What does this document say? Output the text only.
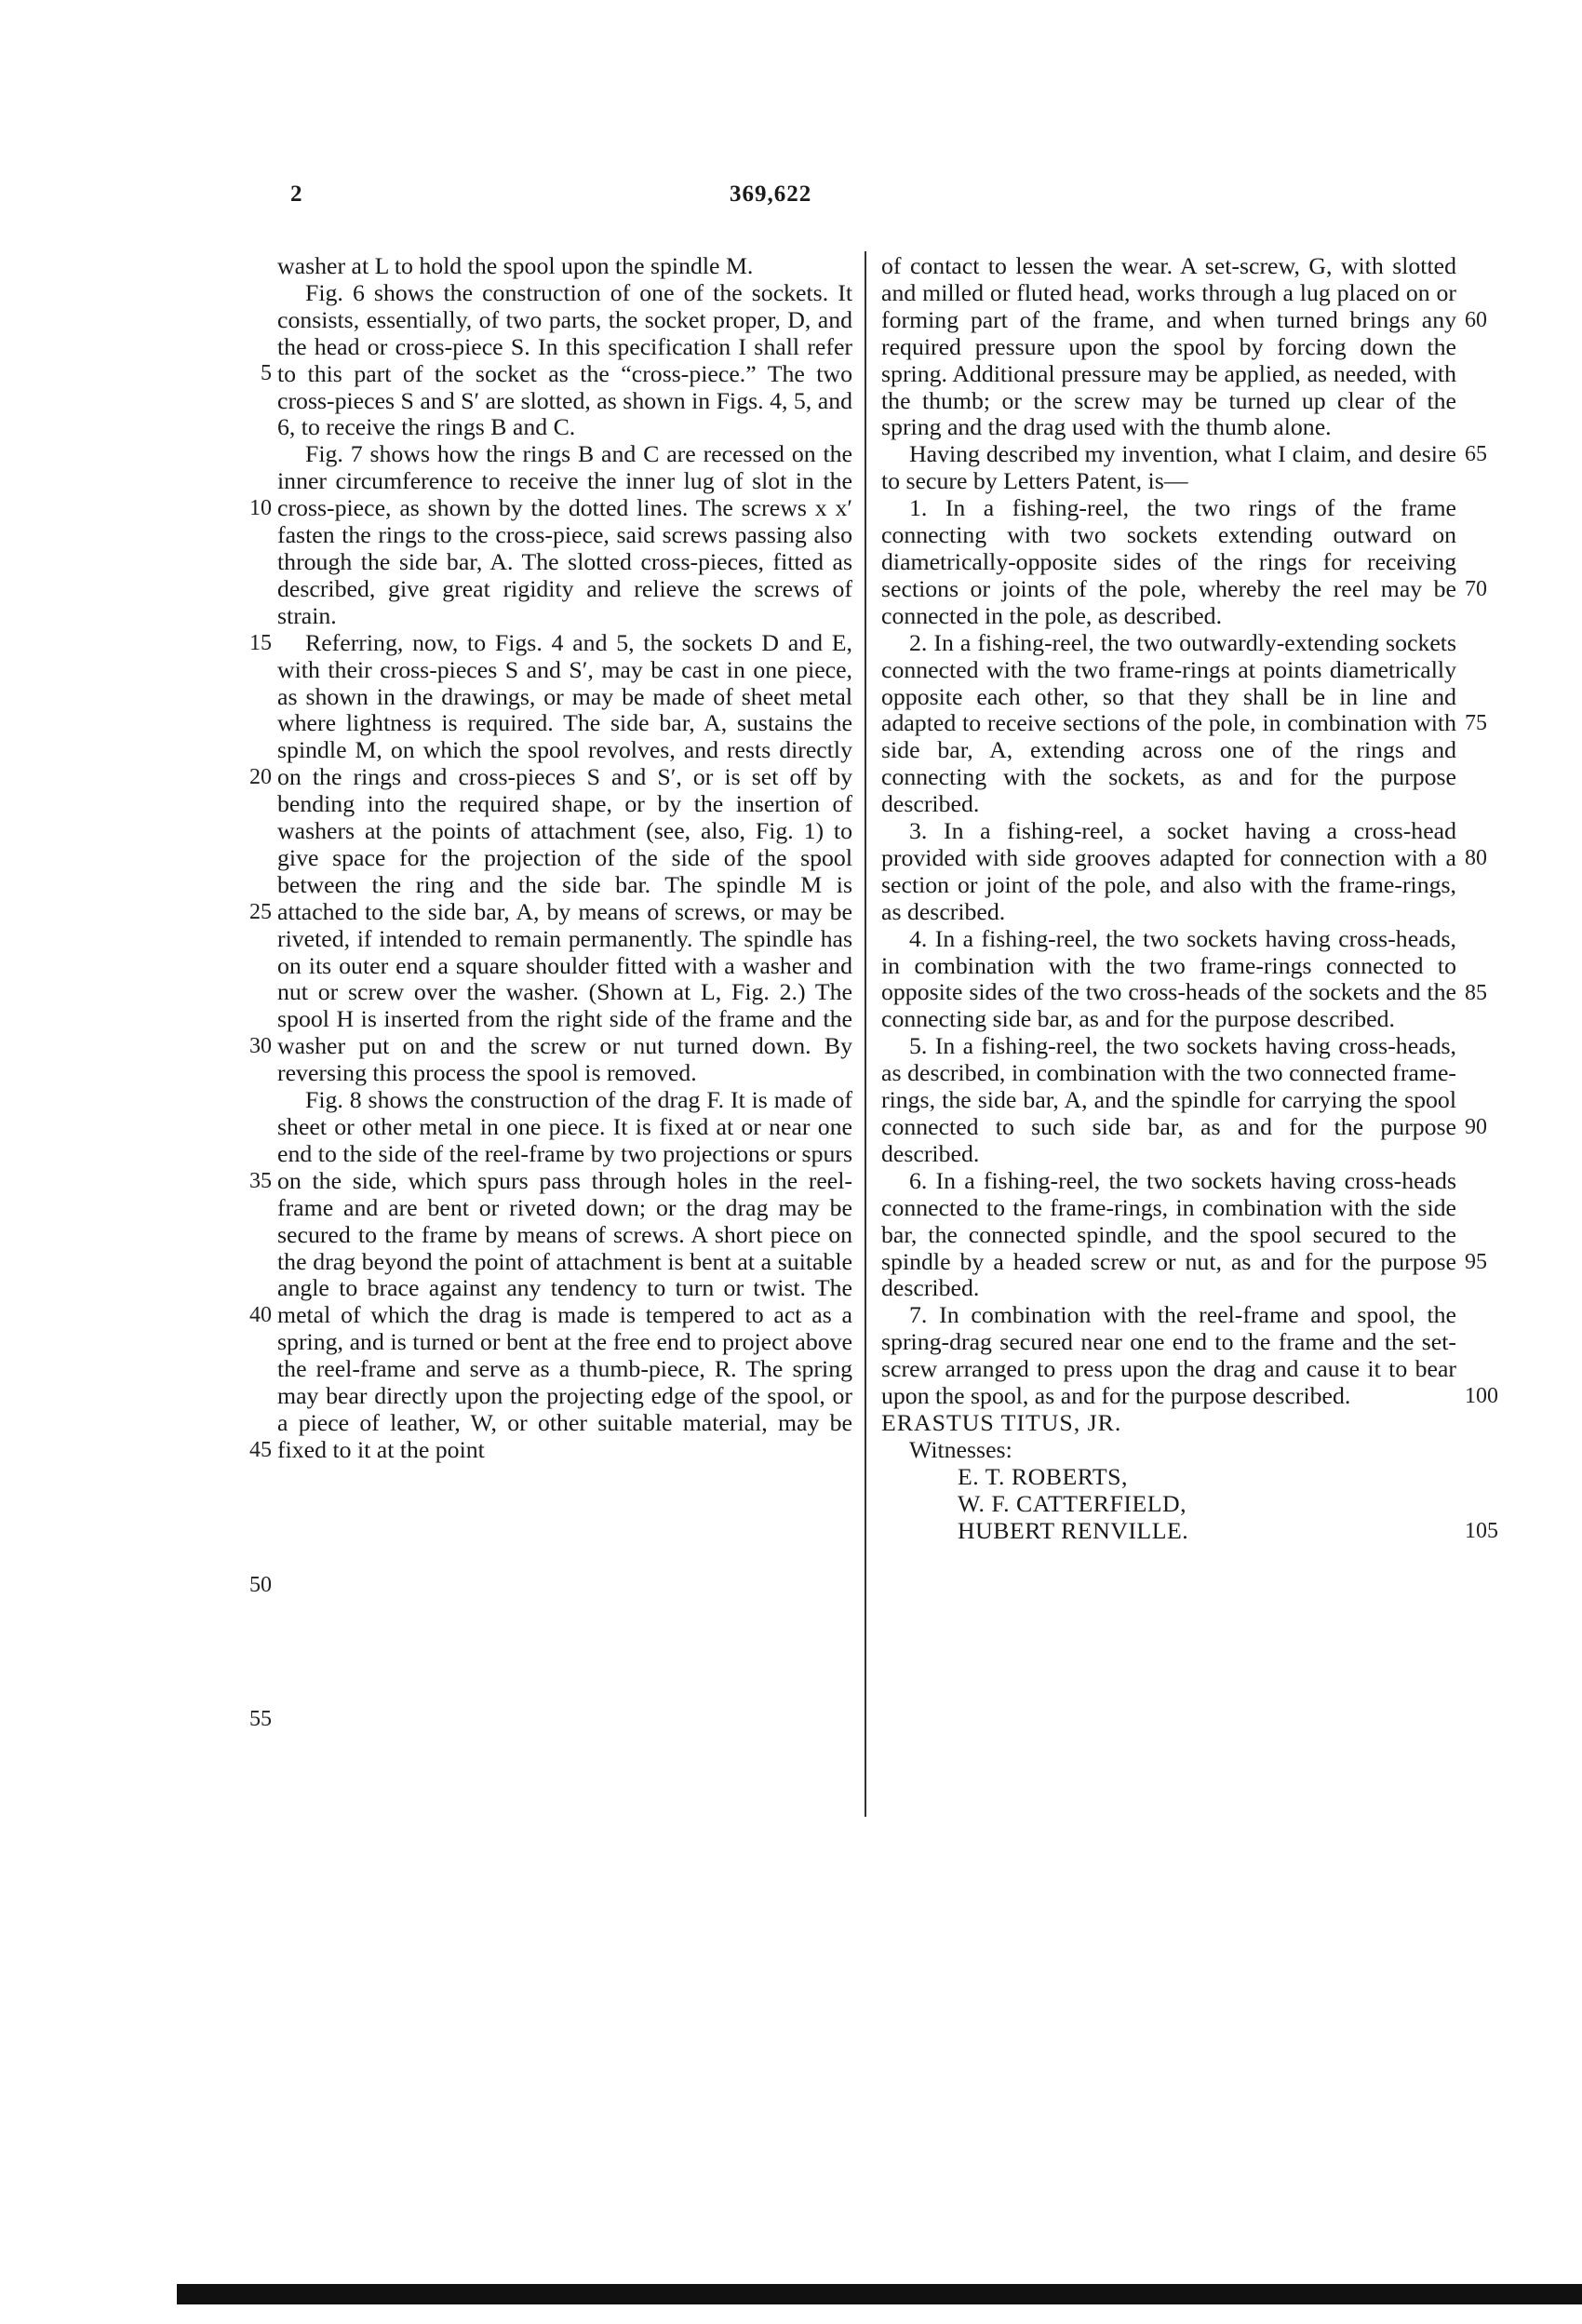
2	369,622

washer at L to hold the spool upon the spindle M.

Fig. 6 shows the construction of one of the sockets. It consists, essentially, of two parts, the socket proper, D, and the head or cross-piece S. In this specification I shall refer to this part of the socket as the “cross-piece.” The two cross-pieces S and S′ are slotted, as shown in Figs. 4, 5, and 6, to receive the rings B and C.

Fig. 7 shows how the rings B and C are recessed on the inner circumference to receive the inner lug of slot in the cross-piece, as shown by the dotted lines. The screws x x′ fasten the rings to the cross-piece, said screws passing also through the side bar, A. The slotted cross-pieces, fitted as described, give great rigidity and relieve the screws of strain.

Referring, now, to Figs. 4 and 5, the sockets D and E, with their cross-pieces S and S′, may be cast in one piece, as shown in the drawings, or may be made of sheet metal where lightness is required. The side bar, A, sustains the spindle M, on which the spool revolves, and rests directly on the rings and cross-pieces S and S′, or is set off by bending into the required shape, or by the insertion of washers at the points of attachment (see, also, Fig. 1) to give space for the projection of the side of the spool between the ring and the side bar. The spindle M is attached to the side bar, A, by means of screws, or may be riveted, if intended to remain permanently. The spindle has on its outer end a square shoulder fitted with a washer and nut or screw over the washer. (Shown at L, Fig. 2.) The spool H is inserted from the right side of the frame and the washer put on and the screw or nut turned down. By reversing this process the spool is removed.

Fig. 8 shows the construction of the drag F. It is made of sheet or other metal in one piece. It is fixed at or near one end to the side of the reel-frame by two projections or spurs on the side, which spurs pass through holes in the reel-frame and are bent or riveted down; or the drag may be secured to the frame by means of screws. A short piece on the drag beyond the point of attachment is bent at a suitable angle to brace against any tendency to turn or twist. The metal of which the drag is made is tempered to act as a spring, and is turned or bent at the free end to project above the reel-frame and serve as a thumb-piece, R. The spring may bear directly upon the projecting edge of the spool, or a piece of leather, W, or other suitable material, may be fixed to it at the point

of contact to lessen the wear. A set-screw, G, with slotted and milled or fluted head, works through a lug placed on or forming part of the frame, and when turned brings any required pressure upon the spool by forcing down the spring. Additional pressure may be applied, as needed, with the thumb; or the screw may be turned up clear of the spring and the drag used with the thumb alone.

Having described my invention, what I claim, and desire to secure by Letters Patent, is—

1. In a fishing-reel, the two rings of the frame connecting with two sockets extending outward on diametrically-opposite sides of the rings for receiving sections or joints of the pole, whereby the reel may be connected in the pole, as described.

2. In a fishing-reel, the two outwardly-extending sockets connected with the two frame-rings at points diametrically opposite each other, so that they shall be in line and adapted to receive sections of the pole, in combination with side bar, A, extending across one of the rings and connecting with the sockets, as and for the purpose described.

3. In a fishing-reel, a socket having a cross-head provided with side grooves adapted for connection with a section or joint of the pole, and also with the frame-rings, as described.

4. In a fishing-reel, the two sockets having cross-heads, in combination with the two frame-rings connected to opposite sides of the two cross-heads of the sockets and the connecting side bar, as and for the purpose described.

5. In a fishing-reel, the two sockets having cross-heads, as described, in combination with the two connected frame-rings, the side bar, A, and the spindle for carrying the spool connected to such side bar, as and for the purpose described.

6. In a fishing-reel, the two sockets having cross-heads connected to the frame-rings, in combination with the side bar, the connected spindle, and the spool secured to the spindle by a headed screw or nut, as and for the purpose described.

7. In combination with the reel-frame and spool, the spring-drag secured near one end to the frame and the set-screw arranged to press upon the drag and cause it to bear upon the spool, as and for the purpose described.

ERASTUS TITUS, JR.

Witnesses:

E. T. ROBERTS,

W. F. CATTERFIELD,

HUBERT RENVILLE.

5
10
15
20
25
30
35
40
45
50
55
60
65
70
75
80
85
90
95
100
105
